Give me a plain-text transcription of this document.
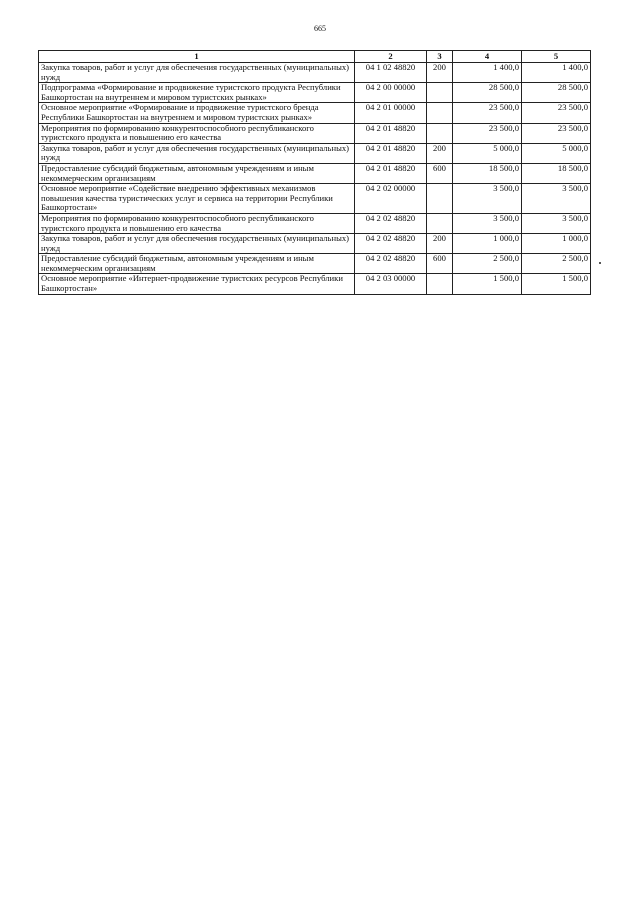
665
1	2	3	4	5
Закупка товаров, работ и услуг для обеспечения государственных (муниципальных) нужд	04 1 02 48820	200	1 400,0	1 400,0
Подпрограмма «Формирование и продвижение туристского продукта Республики Башкортостан на внутреннем и мировом туристских рынках»	04 2 00 00000		28 500,0	28 500,0
Основное мероприятие «Формирование и продвижение туристского бренда Республики Башкортостан на внутреннем и мировом туристских рынках»	04 2 01 00000		23 500,0	23 500,0
Мероприятия по формированию конкурентоспособного республиканского туристского продукта и повышению его качества	04 2 01 48820		23 500,0	23 500,0
Закупка товаров, работ и услуг для обеспечения государственных (муниципальных) нужд	04 2 01 48820	200	5 000,0	5 000,0
Предоставление субсидий бюджетным, автономным учреждениям и иным некоммерческим организациям	04 2 01 48820	600	18 500,0	18 500,0
Основное мероприятие «Содействие внедрению эффективных механизмов повышения качества туристических услуг и сервиса на территории Республики Башкортостан»	04 2 02 00000		3 500,0	3 500,0
Мероприятия по формированию конкурентоспособного республиканского туристского продукта и повышению его качества	04 2 02 48820		3 500,0	3 500,0
Закупка товаров, работ и услуг для обеспечения государственных (муниципальных) нужд	04 2 02 48820	200	1 000,0	1 000,0
Предоставление субсидий бюджетным, автономным учреждениям и иным некоммерческим организациям	04 2 02 48820	600	2 500,0	2 500,0
Основное мероприятие «Интернет-продвижение туристских ресурсов Республики Башкортостан»	04 2 03 00000		1 500,0	1 500,0
